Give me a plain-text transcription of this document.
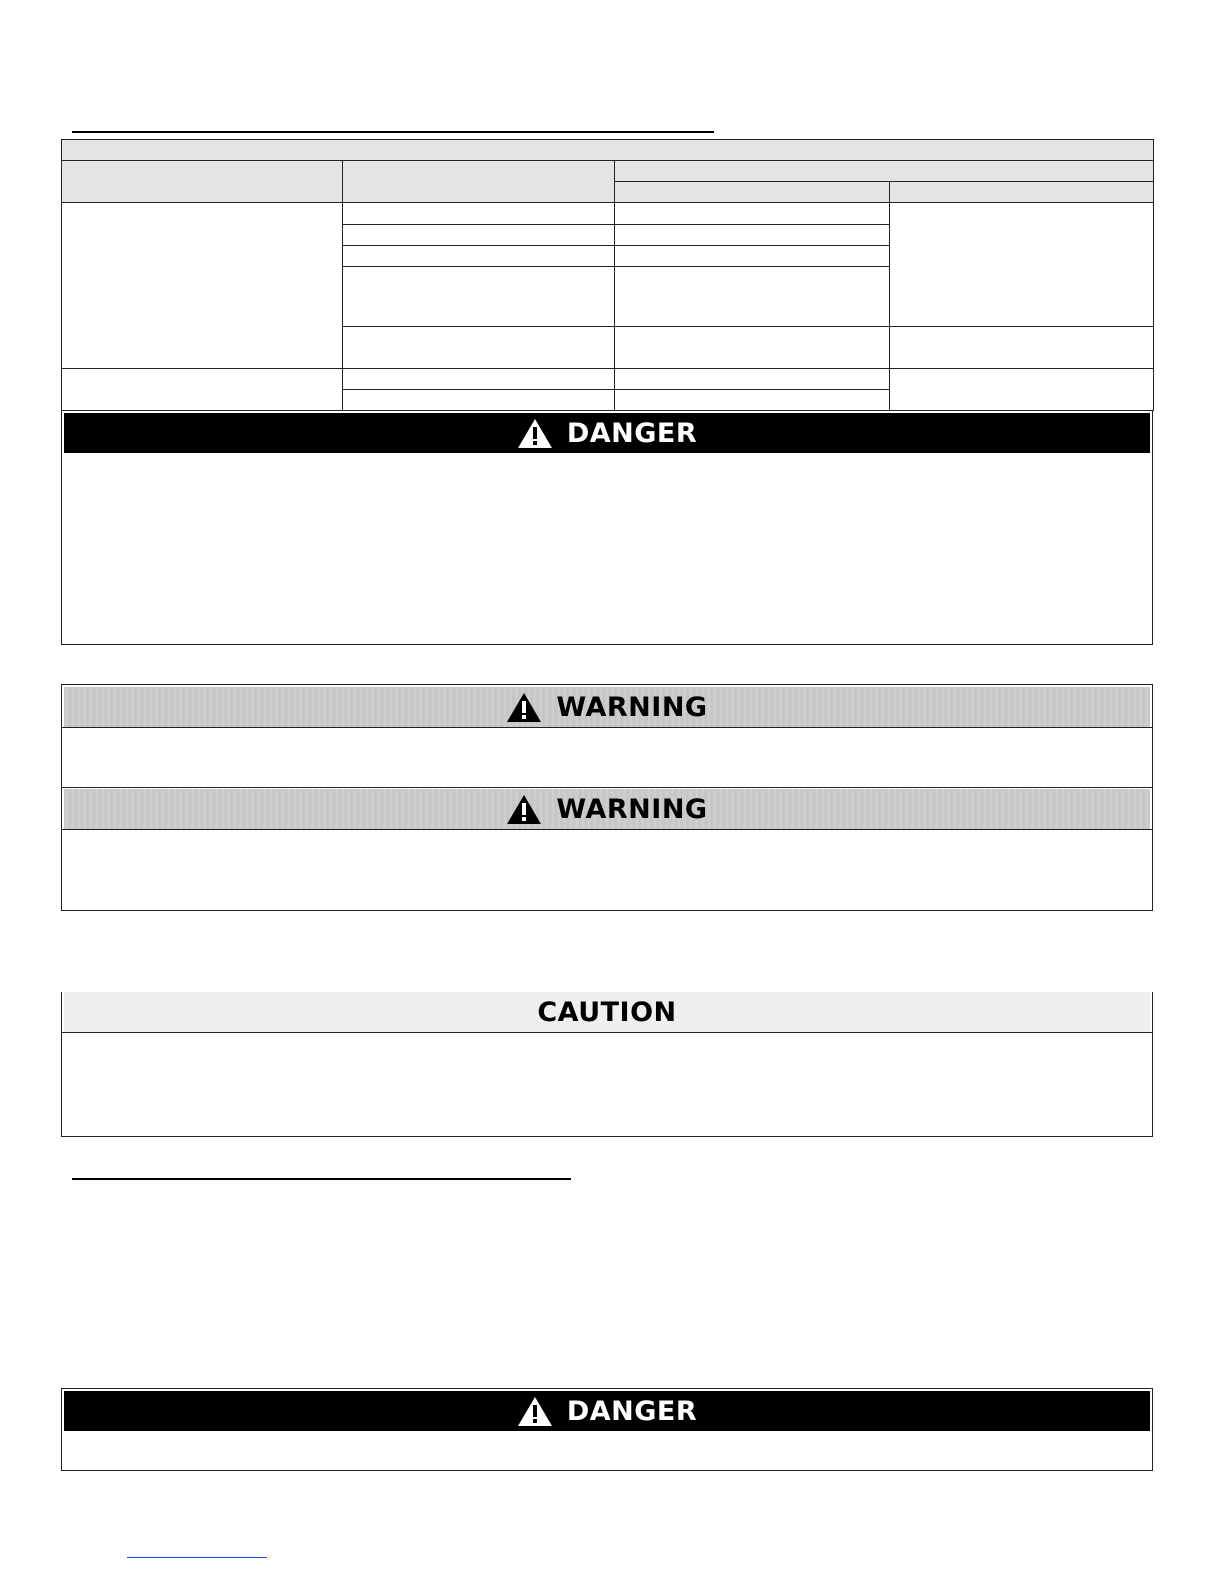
DANGER
WARNING
WARNING
CAUTION
DANGER
